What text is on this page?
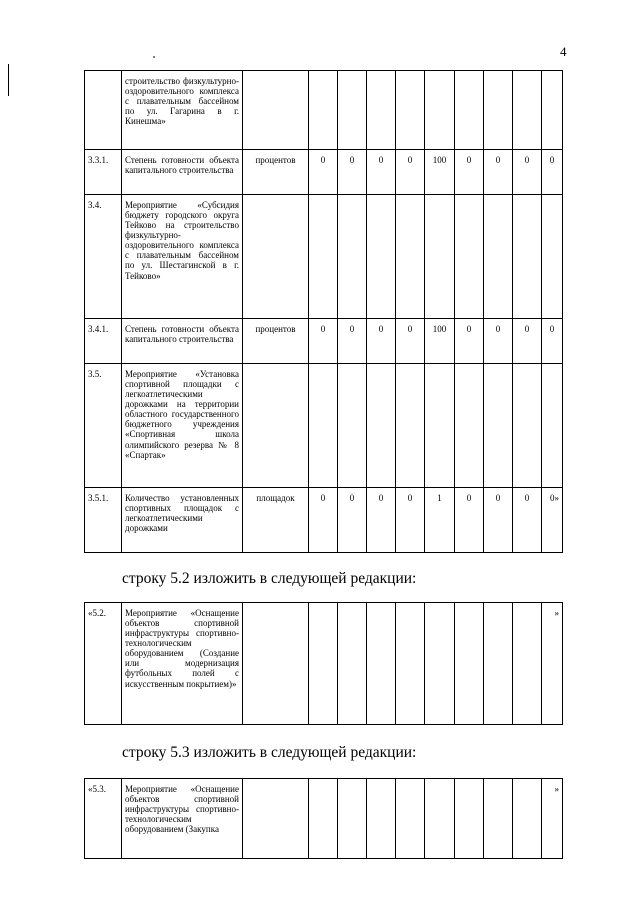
4
	строительство физкультурно-оздоровительного комплекса с плавательным бассейном по ул. Гагарина в г. Кинешма»										
3.3.1.	Степень готовности объекта капитального строительства	процентов	0	0	0	0	100	0	0	0	0
3.4.	Мероприятие «Субсидия бюджету городского округа Тейково на строительство физкультурно-оздоровительного комплекса с плавательным бассейном по ул. Шестагинской в г. Тейково»										
3.4.1.	Степень готовности объекта капитального строительства	процентов	0	0	0	0	100	0	0	0	0
3.5.	Мероприятие «Установка спортивной площадки с легкоатлетическими дорожками на территории областного государственного бюджетного учреждения «Спортивная школа олимпийского резерва № 8 «Спартак»										
3.5.1.	Количество установленных спортивных площадок с легкоатлетическими дорожками	площадок	0	0	0	0	1	0	0	0	0»
строку 5.2 изложить в следующей редакции:
«5.2.	Мероприятие «Оснащение объектов спортивной инфраструктуры спортивно-технологическим оборудованием (Создание или модернизация футбольных полей с искусственным покрытием)»										»
строку 5.3 изложить в следующей редакции:
«5.3.	Мероприятие «Оснащение объектов спортивной инфраструктуры спортивно-технологическим оборудованием (Закупка										»
